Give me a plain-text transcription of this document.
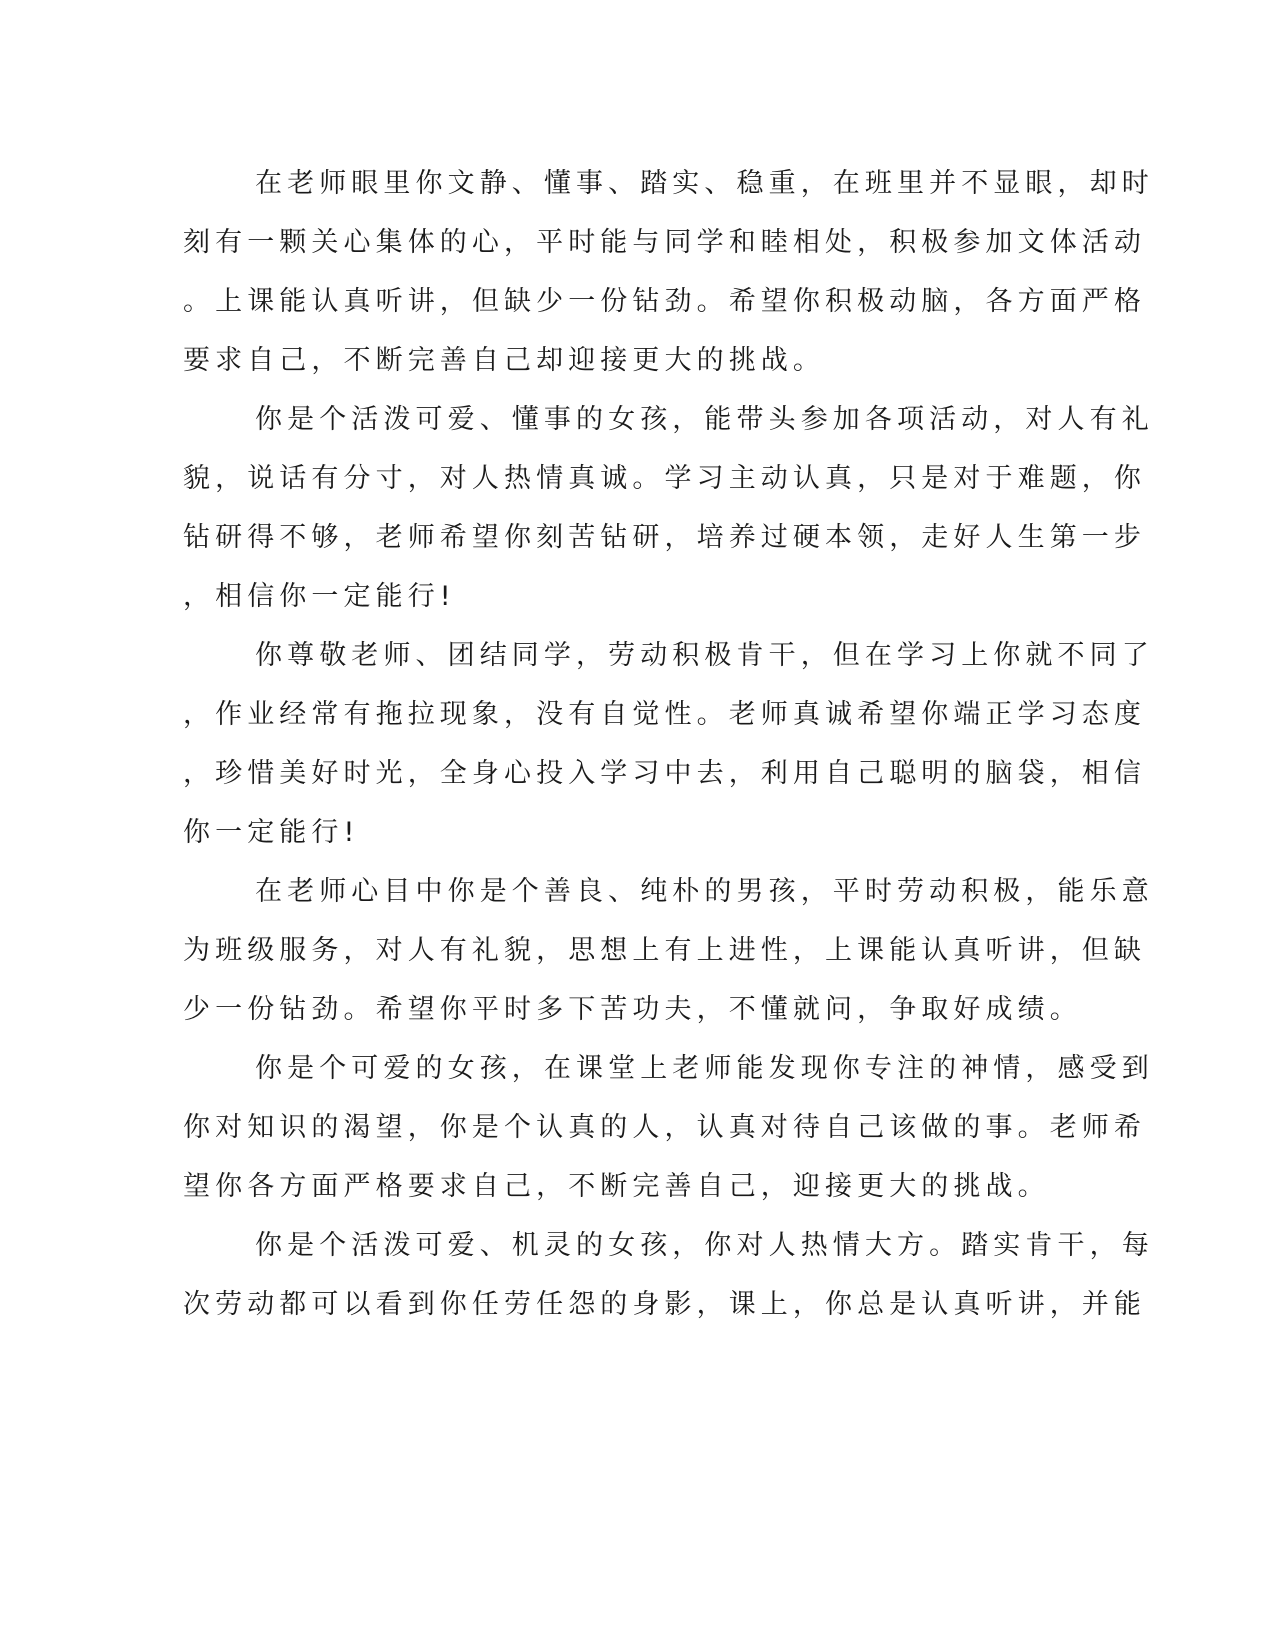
在老师眼里你文静、懂事、踏实、稳重，在班里并不显眼，却时
刻有一颗关心集体的心，平时能与同学和睦相处，积极参加文体活动
。上课能认真听讲，但缺少一份钻劲。希望你积极动脑，各方面严格
要求自己，不断完善自己却迎接更大的挑战。
你是个活泼可爱、懂事的女孩，能带头参加各项活动，对人有礼
貌，说话有分寸，对人热情真诚。学习主动认真，只是对于难题，你
钻研得不够，老师希望你刻苦钻研，培养过硬本领，走好人生第一步
，相信你一定能行!
你尊敬老师、团结同学，劳动积极肯干，但在学习上你就不同了
，作业经常有拖拉现象，没有自觉性。老师真诚希望你端正学习态度
，珍惜美好时光，全身心投入学习中去，利用自己聪明的脑袋，相信
你一定能行!
在老师心目中你是个善良、纯朴的男孩，平时劳动积极，能乐意
为班级服务，对人有礼貌，思想上有上进性，上课能认真听讲，但缺
少一份钻劲。希望你平时多下苦功夫，不懂就问，争取好成绩。
你是个可爱的女孩，在课堂上老师能发现你专注的神情，感受到
你对知识的渴望，你是个认真的人，认真对待自己该做的事。老师希
望你各方面严格要求自己，不断完善自己，迎接更大的挑战。
你是个活泼可爱、机灵的女孩，你对人热情大方。踏实肯干，每
次劳动都可以看到你任劳任怨的身影，课上，你总是认真听讲，并能
